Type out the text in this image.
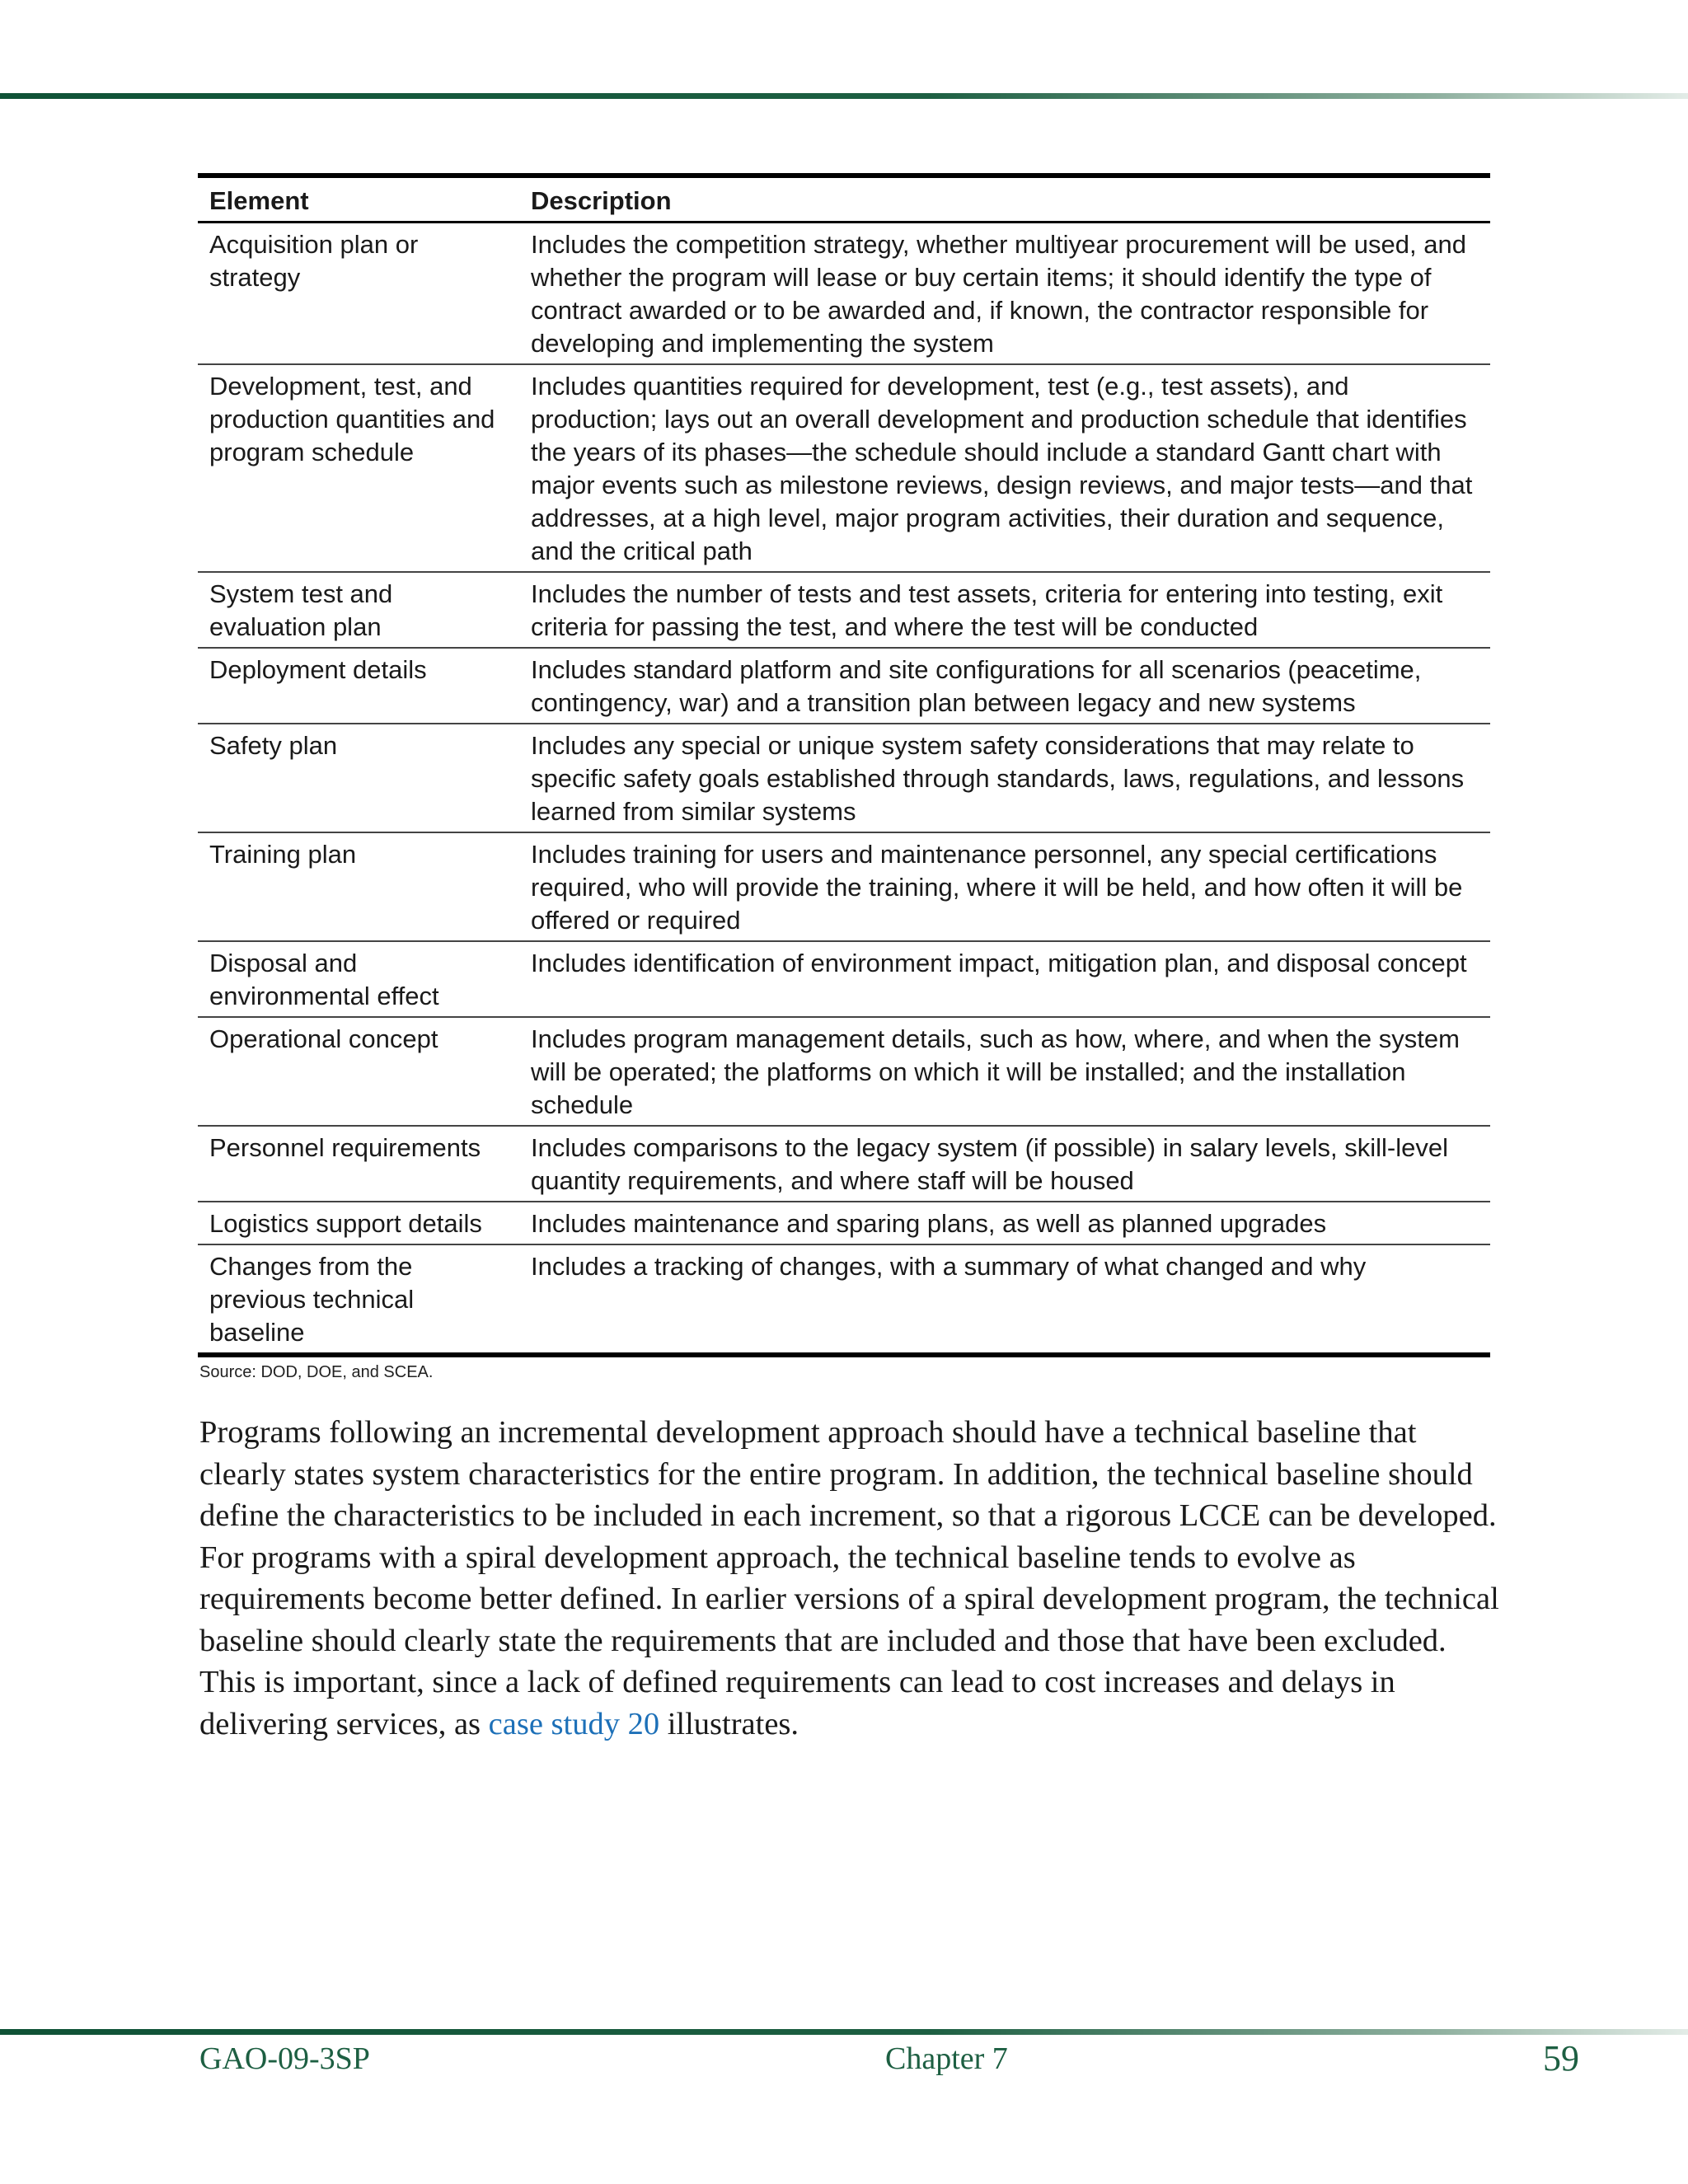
Element	Description
Acquisition plan or strategy	Includes the competition strategy, whether multiyear procurement will be used, and whether the program will lease or buy certain items; it should identify the type of contract awarded or to be awarded and, if known, the contractor responsible for developing and implementing the system
Development, test, and production quantities and program schedule	Includes quantities required for development, test (e.g., test assets), and production; lays out an overall development and production schedule that identifies the years of its phases—the schedule should include a standard Gantt chart with major events such as milestone reviews, design reviews, and major tests—and that addresses, at a high level, major program activities, their duration and sequence, and the critical path
System test and evaluation plan	Includes the number of tests and test assets, criteria for entering into testing, exit criteria for passing the test, and where the test will be conducted
Deployment details	Includes standard platform and site configurations for all scenarios (peacetime, contingency, war) and a transition plan between legacy and new systems
Safety plan	Includes any special or unique system safety considerations that may relate to specific safety goals established through standards, laws, regulations, and lessons learned from similar systems
Training plan	Includes training for users and maintenance personnel, any special certifications required, who will provide the training, where it will be held, and how often it will be offered or required
Disposal and environmental effect	Includes identification of environment impact, mitigation plan, and disposal concept
Operational concept	Includes program management details, such as how, where, and when the system will be operated; the platforms on which it will be installed; and the installation schedule
Personnel requirements	Includes comparisons to the legacy system (if possible) in salary levels, skill-level quantity requirements, and where staff will be housed
Logistics support details	Includes maintenance and sparing plans, as well as planned upgrades
Changes from the previous technical baseline	Includes a tracking of changes, with a summary of what changed and why
Source: DOD, DOE, and SCEA.
Programs following an incremental development approach should have a technical baseline that clearly states system characteristics for the entire program. In addition, the technical baseline should define the characteristics to be included in each increment, so that a rigorous LCCE can be developed. For programs with a spiral development approach, the technical baseline tends to evolve as requirements become better defined. In earlier versions of a spiral development program, the technical baseline should clearly state the requirements that are included and those that have been excluded. This is important, since a lack of defined requirements can lead to cost increases and delays in delivering services, as case study 20 illustrates.
GAO-09-3SP	Chapter 7	59
